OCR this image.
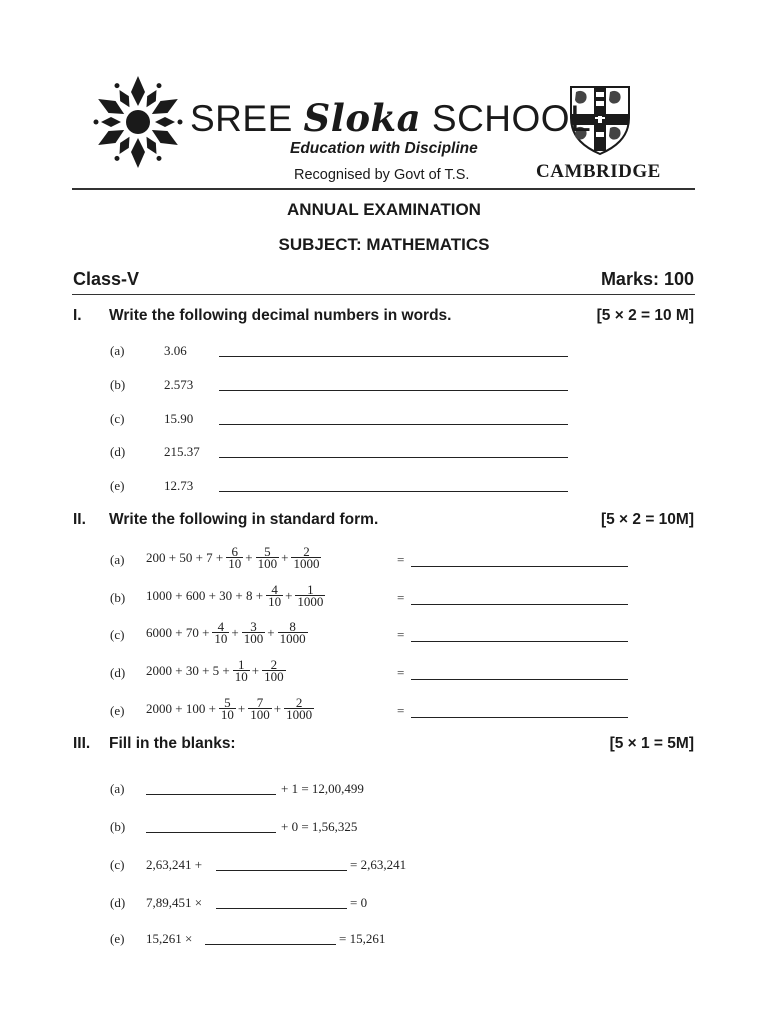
SREE Sloka SCHOOL
Education with Discipline
Recognised by Govt of T.S.	CAMBRIDGE
ANNUAL EXAMINATION
SUBJECT: MATHEMATICS
Class-V	Marks: 100
I. Write the following decimal numbers in words.	[5 × 2 = 10 M]
(a)	3.06
(b)	2.573
(c)	15.90
(d)	215.37
(e)	12.73
II. Write the following in standard form.	[5 × 2 = 10M]
(a) $200 + 50 + 7 + \frac{6}{10} + \frac{5}{100} + \frac{2}{1000}$	=
(b) $1000 + 600 + 30 + 8 + \frac{4}{10} + \frac{1}{1000}$	=
(c) $6000 + 70 + \frac{4}{10} + \frac{3}{100} + \frac{8}{1000}$	=
(d) $2000 + 30 + 5 + \frac{1}{10} + \frac{2}{100}$	=
(e) $2000 + 100 + \frac{5}{10} + \frac{7}{100} + \frac{2}{1000}$	=
III. Fill in the blanks:	[5 × 1 = 5M]
(a)	+ 1 = 12,00,499
(b)	+ 0 = 1,56,325
(c) 2,63,241 +	= 2,63,241
(d) 7,89,451 ×	= 0
(e) 15,261 ×	= 15,261
